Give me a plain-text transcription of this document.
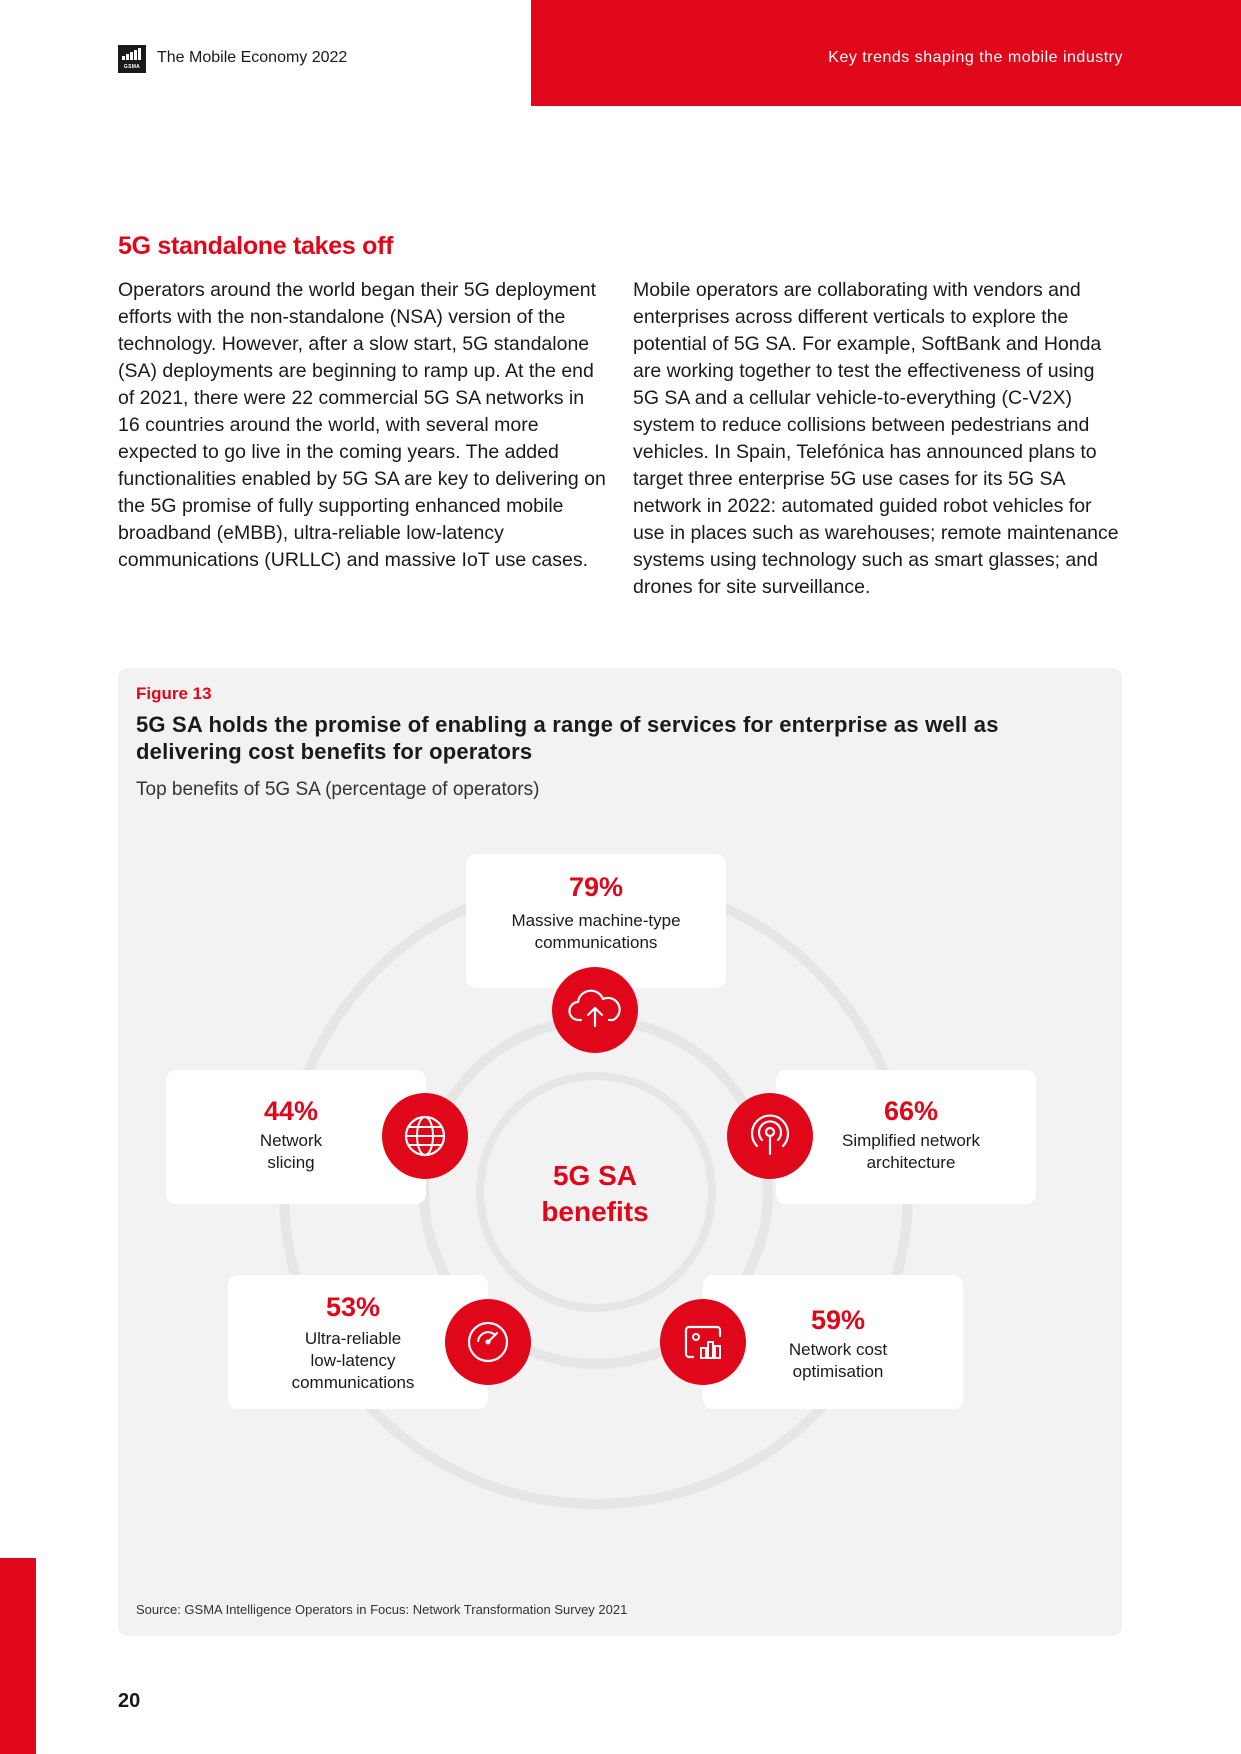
GSMA
The Mobile Economy 2022	Key trends shaping the mobile industry
5G standalone takes off
Operators around the world began their 5G deployment efforts with the non-standalone (NSA) version of the technology. However, after a slow start, 5G standalone (SA) deployments are beginning to ramp up. At the end of 2021, there were 22 commercial 5G SA networks in 16 countries around the world, with several more expected to go live in the coming years. The added functionalities enabled by 5G SA are key to delivering on the 5G promise of fully supporting enhanced mobile broadband (eMBB), ultra-reliable low-latency communications (URLLC) and massive IoT use cases.
Mobile operators are collaborating with vendors and enterprises across different verticals to explore the potential of 5G SA. For example, SoftBank and Honda are working together to test the effectiveness of using 5G SA and a cellular vehicle-to-everything (C-V2X) system to reduce collisions between pedestrians and vehicles. In Spain, Telefónica has announced plans to target three enterprise 5G use cases for its 5G SA network in 2022: automated guided robot vehicles for use in places such as warehouses; remote maintenance systems using technology such as smart glasses; and drones for site surveillance.
Figure 13
5G SA holds the promise of enabling a range of services for enterprise as well as delivering cost benefits for operators
Top benefits of 5G SA (percentage of operators)
5G SA
benefits
79%
Massive machine-type
communications
66%
Simplified network
architecture
59%
Network cost
optimisation
53%
Ultra-reliable
low-latency
communications
44%
Network
slicing
Source: GSMA Intelligence Operators in Focus: Network Transformation Survey 2021
20
